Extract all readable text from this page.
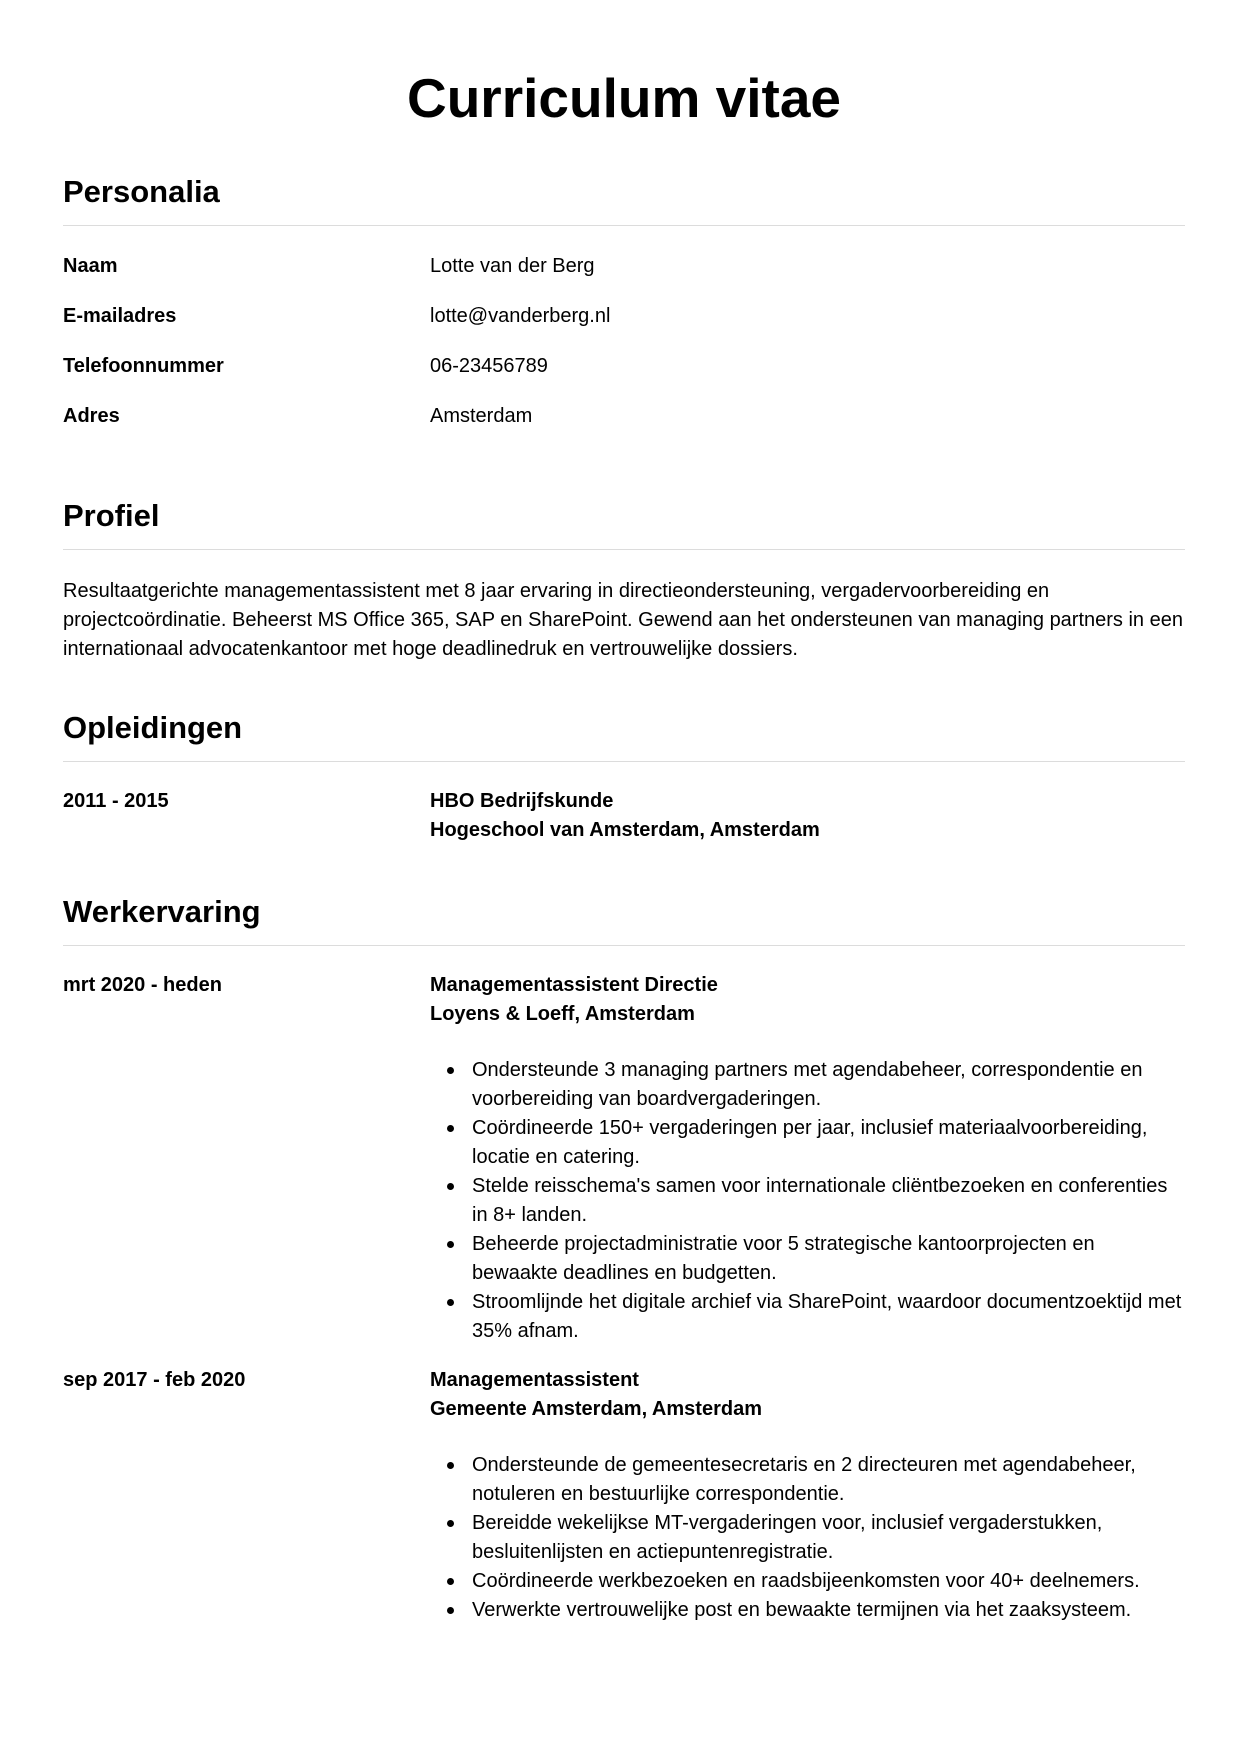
Curriculum vitae
Personalia
Naam	Lotte van der Berg
E-mailadres	lotte@vanderberg.nl
Telefoonnummer	06-23456789
Adres	Amsterdam
Profiel

Resultaatgerichte managementassistent met 8 jaar ervaring in directieondersteuning, vergadervoorbereiding en projectcoördinatie. Beheerst MS Office 365, SAP en SharePoint. Gewend aan het ondersteunen van managing partners in een internationaal advocatenkantoor met hoge deadlinedruk en vertrouwelijke dossiers.

Opleidingen
2011 - 2015	HBO Bedrijfskunde
Hogeschool van Amsterdam, Amsterdam
Werkervaring
mrt 2020 - heden	Managementassistent Directie
Loyens & Loeff, Amsterdam
Ondersteunde 3 managing partners met agendabeheer, correspondentie en voorbereiding van boardvergaderingen.
Coördineerde 150+ vergaderingen per jaar, inclusief materiaalvoorbereiding, locatie en catering.
Stelde reisschema's samen voor internationale cliëntbezoeken en conferenties in 8+ landen.
Beheerde projectadministratie voor 5 strategische kantoorprojecten en bewaakte deadlines en budgetten.
Stroomlijnde het digitale archief via SharePoint, waardoor documentzoektijd met 35% afnam.
sep 2017 - feb 2020	Managementassistent
Gemeente Amsterdam, Amsterdam
Ondersteunde de gemeentesecretaris en 2 directeuren met agendabeheer, notuleren en bestuurlijke correspondentie.
Bereidde wekelijkse MT-vergaderingen voor, inclusief vergaderstukken, besluitenlijsten en actiepuntenregistratie.
Coördineerde werkbezoeken en raadsbijeenkomsten voor 40+ deelnemers.
Verwerkte vertrouwelijke post en bewaakte termijnen via het zaaksysteem.
